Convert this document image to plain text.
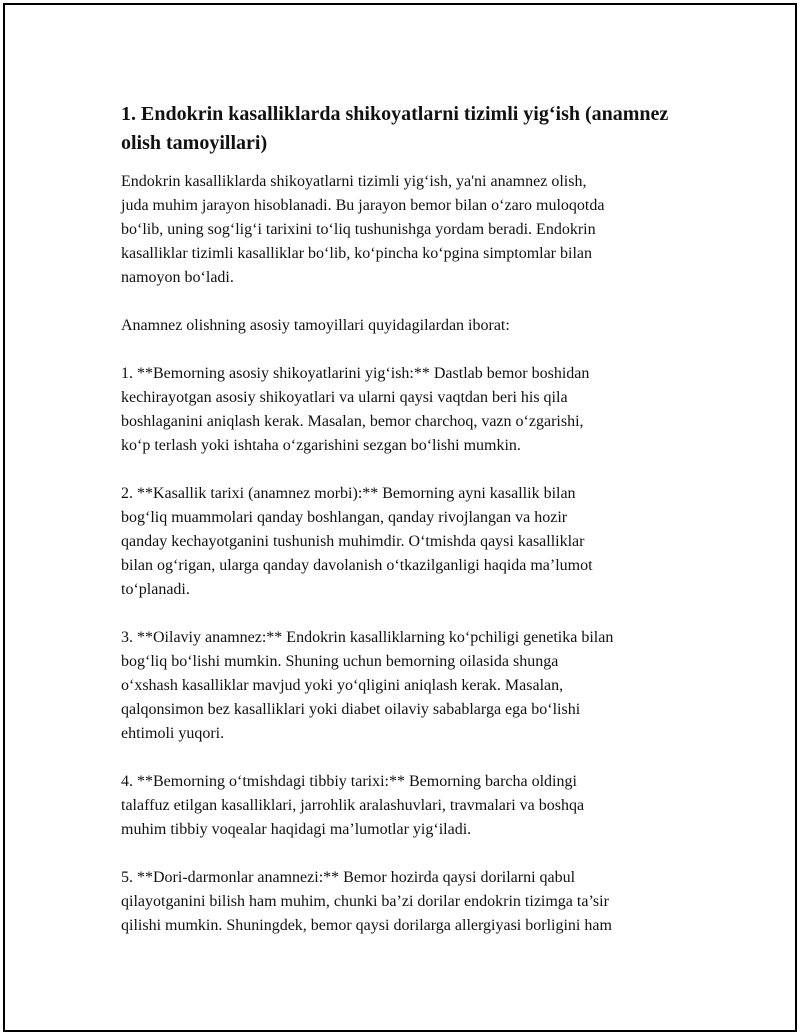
1. Endokrin kasalliklarda shikoyatlarni tizimli yig‘ish (anamnez olish tamoyillari)

Endokrin kasalliklarda shikoyatlarni tizimli yig‘ish, ya'ni anamnez olish,
juda muhim jarayon hisoblanadi. Bu jarayon bemor bilan o‘zaro muloqotda
bo‘lib, uning sog‘lig‘i tarixini to‘liq tushunishga yordam beradi. Endokrin
kasalliklar tizimli kasalliklar bo‘lib, ko‘pincha ko‘pgina simptomlar bilan
namoyon bo‘ladi.

Anamnez olishning asosiy tamoyillari quyidagilardan iborat:

1. **Bemorning asosiy shikoyatlarini yig‘ish:** Dastlab bemor boshidan
kechirayotgan asosiy shikoyatlari va ularni qaysi vaqtdan beri his qila
boshlaganini aniqlash kerak. Masalan, bemor charchoq, vazn o‘zgarishi,
ko‘p terlash yoki ishtaha o‘zgarishini sezgan bo‘lishi mumkin.

2. **Kasallik tarixi (anamnez morbi):** Bemorning ayni kasallik bilan
bog‘liq muammolari qanday boshlangan, qanday rivojlangan va hozir
qanday kechayotganini tushunish muhimdir. O‘tmishda qaysi kasalliklar
bilan og‘rigan, ularga qanday davolanish o‘tkazilganligi haqida ma’lumot
to‘planadi.

3. **Oilaviy anamnez:** Endokrin kasalliklarning ko‘pchiligi genetika bilan
bog‘liq bo‘lishi mumkin. Shuning uchun bemorning oilasida shunga
o‘xshash kasalliklar mavjud yoki yo‘qligini aniqlash kerak. Masalan,
qalqonsimon bez kasalliklari yoki diabet oilaviy sabablarga ega bo‘lishi
ehtimoli yuqori.

4. **Bemorning o‘tmishdagi tibbiy tarixi:** Bemorning barcha oldingi
talaffuz etilgan kasalliklari, jarrohlik aralashuvlari, travmalari va boshqa
muhim tibbiy voqealar haqidagi ma’lumotlar yig‘iladi.

5. **Dori-darmonlar anamnezi:** Bemor hozirda qaysi dorilarni qabul
qilayotganini bilish ham muhim, chunki ba’zi dorilar endokrin tizimga ta’sir
qilishi mumkin. Shuningdek, bemor qaysi dorilarga allergiyasi borligini ham
